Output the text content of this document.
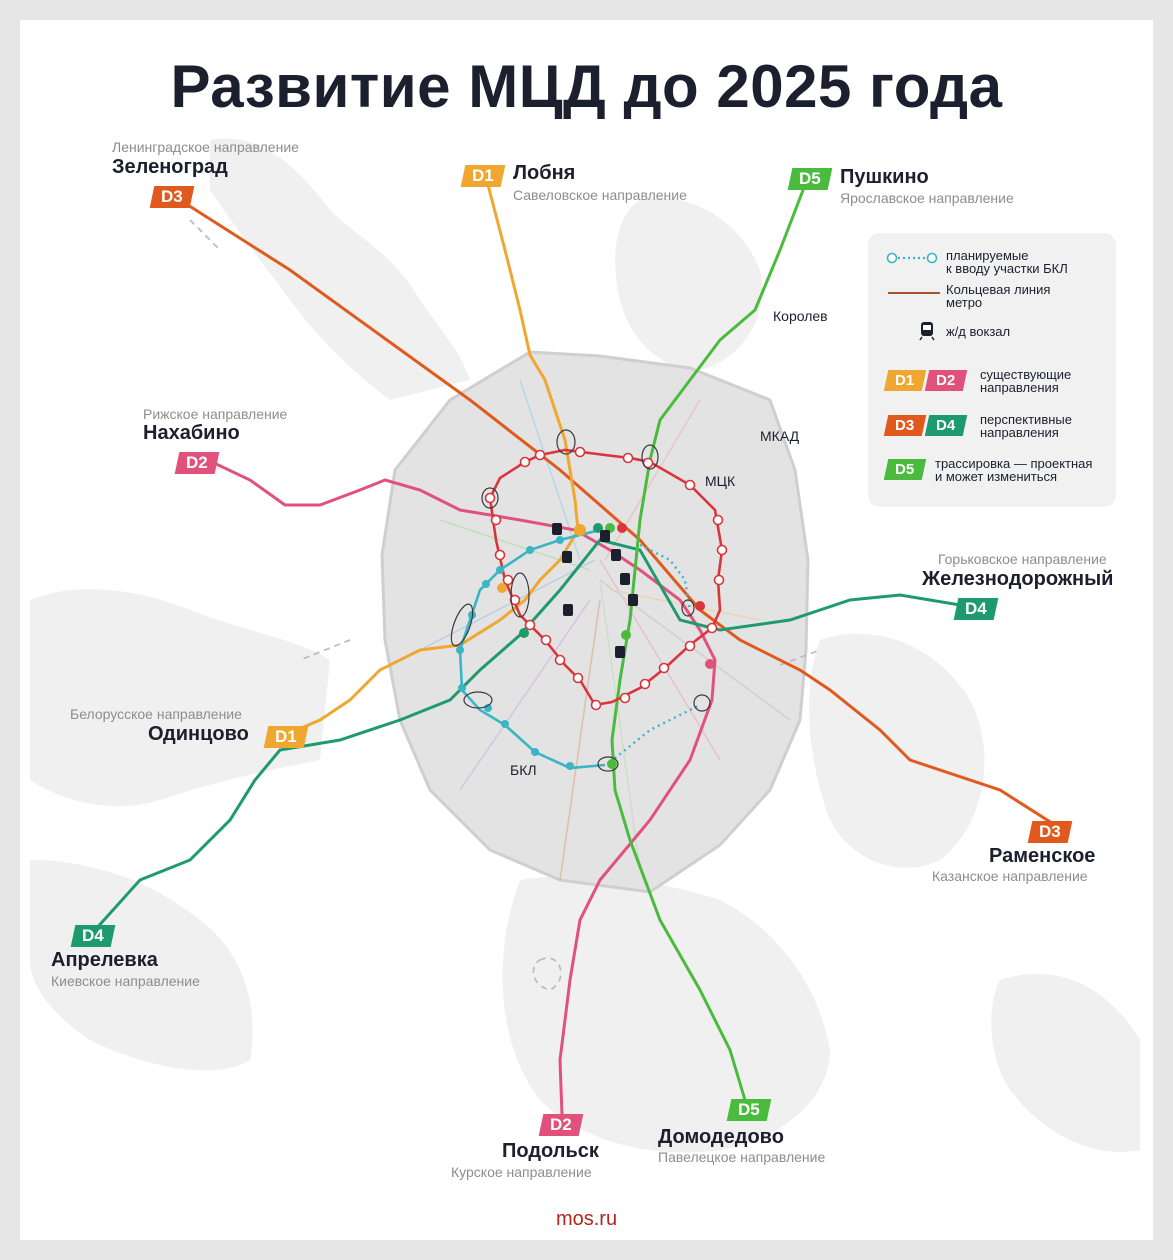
Развитие МЦД до 2025 года
Ленинградское направление
Зеленоград
D3
D1 Лобня
Савеловское направление
D5 Пушкино
Ярославское направление
Рижское направление
Нахабино
D2
Королев
МКАД
МЦК
БКЛ
Горьковское направление
Железнодорожный
D4
Белорусское направление
Одинцово	D1
D3
Раменское
Казанское направление
D4
Апрелевка
Киевское направление
D2
Подольск
Курское направление
D5
Домодедово
Павелецкое направление
планируемые
к вводу участки БКЛ
Кольцевая линия
метро
ж/д вокзал
D1	D2	существующие
направления
D3	D4	перспективные
направления
D5	трассировка — проектная
и может измениться
mos.ru
